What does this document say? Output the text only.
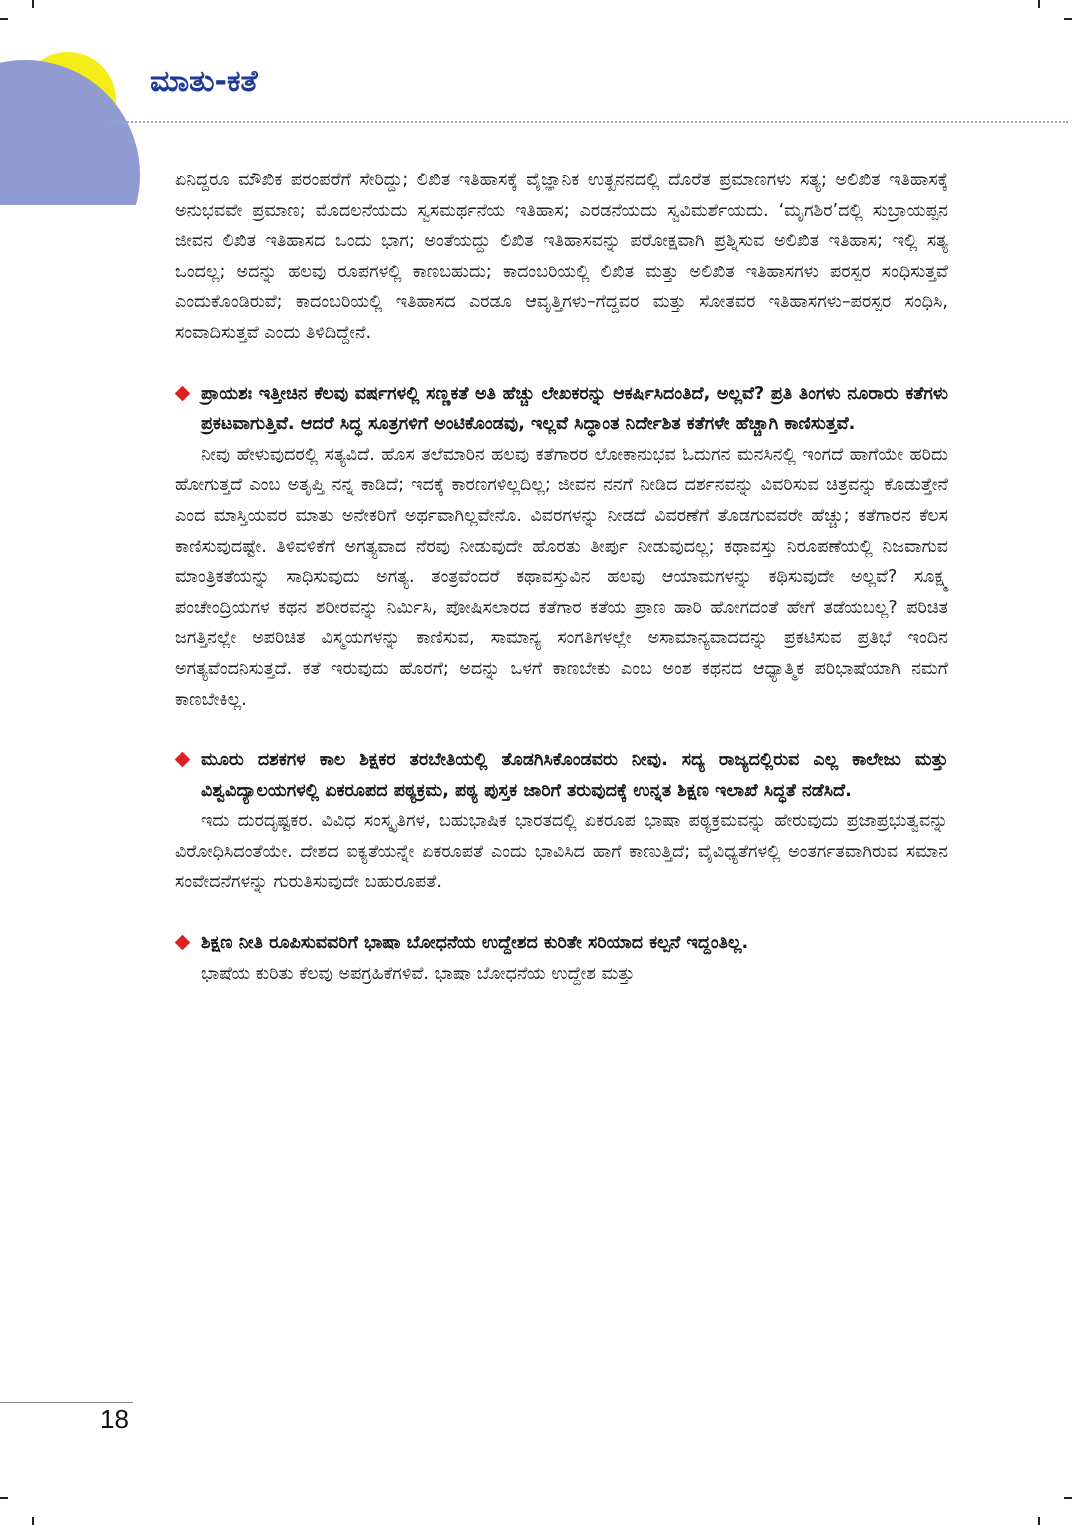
ಮಾತು-ಕತೆ

ಏನಿದ್ದರೂ ಮೌಖಿಕ ಪರಂಪರೆಗೆ ಸೇರಿದ್ದು; ಲಿಖಿತ ಇತಿಹಾಸಕ್ಕೆ ವೈಜ್ಞಾನಿಕ ಉತ್ಖನನದಲ್ಲಿ ದೊರೆತ ಪ್ರಮಾಣಗಳು ಸತ್ಯ; ಅಲಿಖಿತ ಇತಿಹಾಸಕ್ಕೆ ಅನುಭವವೇ ಪ್ರಮಾಣ; ಮೊದಲನೆಯದು ಸ್ವಸಮರ್ಥನೆಯ ಇತಿಹಾಸ; ಎರಡನೆಯದು ಸ್ವವಿಮರ್ಶೆಯದು. ‘ಮೃಗಶಿರ’ದಲ್ಲಿ ಸುಬ್ರಾಯಪ್ಪನ ಜೀವನ ಲಿಖಿತ ಇತಿಹಾಸದ ಒಂದು ಭಾಗ; ಅಂತೆಯದ್ದು ಲಿಖಿತ ಇತಿಹಾಸವನ್ನು ಪರೋಕ್ಷವಾಗಿ ಪ್ರಶ್ನಿಸುವ ಅಲಿಖಿತ ಇತಿಹಾಸ; ಇಲ್ಲಿ ಸತ್ಯ ಒಂದಲ್ಲ; ಅದನ್ನು ಹಲವು ರೂಪಗಳಲ್ಲಿ ಕಾಣಬಹುದು; ಕಾದಂಬರಿಯಲ್ಲಿ ಲಿಖಿತ ಮತ್ತು ಅಲಿಖಿತ ಇತಿಹಾಸಗಳು ಪರಸ್ಪರ ಸಂಧಿಸುತ್ತವೆ ಎಂದುಕೊಂಡಿರುವೆ; ಕಾದಂಬರಿಯಲ್ಲಿ ಇತಿಹಾಸದ ಎರಡೂ ಆವೃತ್ತಿಗಳು–ಗೆದ್ದವರ ಮತ್ತು ಸೋತವರ ಇತಿಹಾಸಗಳು–ಪರಸ್ಪರ ಸಂಧಿಸಿ, ಸಂವಾದಿಸುತ್ತವೆ ಎಂದು ತಿಳಿದಿದ್ದೇನೆ.

ಪ್ರಾಯಶಃ ಇತ್ತೀಚಿನ ಕೆಲವು ವರ್ಷಗಳಲ್ಲಿ ಸಣ್ಣಕತೆ ಅತಿ ಹೆಚ್ಚು ಲೇಖಕರನ್ನು ಆಕರ್ಷಿಸಿದಂತಿದೆ, ಅಲ್ಲವೆ? ಪ್ರತಿ ತಿಂಗಳು ನೂರಾರು ಕತೆಗಳು ಪ್ರಕಟವಾಗುತ್ತಿವೆ. ಆದರೆ ಸಿದ್ಧ ಸೂತ್ರಗಳಿಗೆ ಅಂಟಿಕೊಂಡವು, ಇಲ್ಲವೆ ಸಿದ್ಧಾಂತ ನಿರ್ದೇಶಿತ ಕತೆಗಳೇ ಹೆಚ್ಚಾಗಿ ಕಾಣಿಸುತ್ತವೆ.

ನೀವು ಹೇಳುವುದರಲ್ಲಿ ಸತ್ಯವಿದೆ. ಹೊಸ ತಲೆಮಾರಿನ ಹಲವು ಕತೆಗಾರರ ಲೋಕಾನುಭವ ಓದುಗನ ಮನಸಿನಲ್ಲಿ ಇಂಗದೆ ಹಾಗೆಯೇ ಹರಿದು ಹೋಗುತ್ತದೆ ಎಂಬ ಅತೃಪ್ತಿ ನನ್ನ ಕಾಡಿದೆ; ಇದಕ್ಕೆ ಕಾರಣಗಳಿಲ್ಲದಿಲ್ಲ; ಜೀವನ ನನಗೆ ನೀಡಿದ ದರ್ಶನವನ್ನು ವಿವರಿಸುವ ಚಿತ್ರವನ್ನು ಕೊಡುತ್ತೇನೆ ಎಂದ ಮಾಸ್ತಿಯವರ ಮಾತು ಅನೇಕರಿಗೆ ಅರ್ಥವಾಗಿಲ್ಲವೇನೊ. ವಿವರಗಳನ್ನು ನೀಡದೆ ವಿವರಣೆಗೆ ತೊಡಗುವವರೇ ಹೆಚ್ಚು; ಕತೆಗಾರನ ಕೆಲಸ ಕಾಣಿಸುವುದಷ್ಟೇ. ತಿಳಿವಳಿಕೆಗೆ ಅಗತ್ಯವಾದ ನೆರವು ನೀಡುವುದೇ ಹೊರತು ತೀರ್ಪು ನೀಡುವುದಲ್ಲ; ಕಥಾವಸ್ತು ನಿರೂಪಣೆಯಲ್ಲಿ ನಿಜವಾಗುವ ಮಾಂತ್ರಿಕತೆಯನ್ನು ಸಾಧಿಸುವುದು ಅಗತ್ಯ. ತಂತ್ರವೆಂದರೆ ಕಥಾವಸ್ತುವಿನ ಹಲವು ಆಯಾಮಗಳನ್ನು ಕಥಿಸುವುದೇ ಅಲ್ಲವೆ? ಸೂಕ್ಷ್ಮ ಪಂಚೇಂದ್ರಿಯಗಳ ಕಥನ ಶರೀರವನ್ನು ನಿರ್ಮಿಸಿ, ಪೋಷಿಸಲಾರದ ಕತೆಗಾರ ಕತೆಯ ಪ್ರಾಣ ಹಾರಿ ಹೋಗದಂತೆ ಹೇಗೆ ತಡೆಯಬಲ್ಲ? ಪರಿಚಿತ ಜಗತ್ತಿನಲ್ಲೇ ಅಪರಿಚಿತ ವಿಸ್ಮಯಗಳನ್ನು ಕಾಣಿಸುವ, ಸಾಮಾನ್ಯ ಸಂಗತಿಗಳಲ್ಲೇ ಅಸಾಮಾನ್ಯವಾದದನ್ನು ಪ್ರಕಟಿಸುವ ಪ್ರತಿಭೆ ಇಂದಿನ ಅಗತ್ಯವೆಂದನಿಸುತ್ತದೆ. ಕತೆ ಇರುವುದು ಹೊರಗೆ; ಅದನ್ನು ಒಳಗೆ ಕಾಣಬೇಕು ಎಂಬ ಅಂಶ ಕಥನದ ಆಧ್ಯಾತ್ಮಿಕ ಪರಿಭಾಷೆಯಾಗಿ ನಮಗೆ ಕಾಣಬೇಕಿಲ್ಲ.

ಮೂರು ದಶಕಗಳ ಕಾಲ ಶಿಕ್ಷಕರ ತರಬೇತಿಯಲ್ಲಿ ತೊಡಗಿಸಿಕೊಂಡವರು ನೀವು. ಸದ್ಯ ರಾಜ್ಯದಲ್ಲಿರುವ ಎಲ್ಲ ಕಾಲೇಜು ಮತ್ತು ವಿಶ್ವವಿದ್ಯಾಲಯಗಳಲ್ಲಿ ಏಕರೂಪದ ಪಠ್ಯಕ್ರಮ, ಪಠ್ಯ ಪುಸ್ತಕ ಜಾರಿಗೆ ತರುವುದಕ್ಕೆ ಉನ್ನತ ಶಿಕ್ಷಣ ಇಲಾಖೆ ಸಿದ್ಧತೆ ನಡೆಸಿದೆ.

ಇದು ದುರದೃಷ್ಟಕರ. ವಿವಿಧ ಸಂಸ್ಕೃತಿಗಳ, ಬಹುಭಾಷಿಕ ಭಾರತದಲ್ಲಿ ಏಕರೂಪ ಭಾಷಾ ಪಠ್ಯಕ್ರಮವನ್ನು ಹೇರುವುದು ಪ್ರಜಾಪ್ರಭುತ್ವವನ್ನು ವಿರೋಧಿಸಿದಂತೆಯೇ. ದೇಶದ ಐಕ್ಯತೆಯನ್ನೇ ಏಕರೂಪತೆ ಎಂದು ಭಾವಿಸಿದ ಹಾಗೆ ಕಾಣುತ್ತಿದೆ; ವೈವಿಧ್ಯತೆಗಳಲ್ಲಿ ಅಂತರ್ಗತವಾಗಿರುವ ಸಮಾನ ಸಂವೇದನೆಗಳನ್ನು ಗುರುತಿಸುವುದೇ ಬಹುರೂಪತೆ.

ಶಿಕ್ಷಣ ನೀತಿ ರೂಪಿಸುವವರಿಗೆ ಭಾಷಾ ಬೋಧನೆಯ ಉದ್ದೇಶದ ಕುರಿತೇ ಸರಿಯಾದ ಕಲ್ಪನೆ ಇದ್ದಂತಿಲ್ಲ.

ಭಾಷೆಯ ಕುರಿತು ಕೆಲವು ಅಪಗ್ರಹಿಕೆಗಳಿವೆ. ಭಾಷಾ ಬೋಧನೆಯ ಉದ್ದೇಶ ಮತ್ತು

18
